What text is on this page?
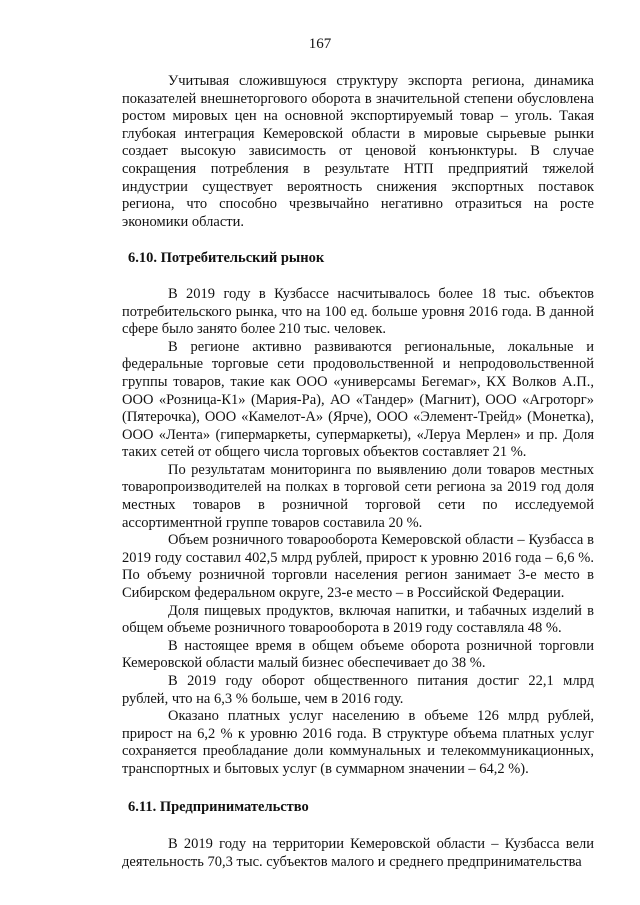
167

Учитывая сложившуюся структуру экспорта региона, динамика показателей внешнеторгового оборота в значительной степени обусловлена ростом мировых цен на основной экспортируемый товар – уголь. Такая глубокая интеграция Кемеровской области в мировые сырьевые рынки создает высокую зависимость от ценовой конъюнктуры. В случае сокращения потребления в результате НТП предприятий тяжелой индустрии существует вероятность снижения экспортных поставок региона, что способно чрезвычайно негативно отразиться на росте экономики области.

6.10. Потребительский рынок

В 2019 году в Кузбассе насчитывалось более 18 тыс. объектов потребительского рынка, что на 100 ед. больше уровня 2016 года. В данной сфере было занято более 210 тыс. человек.

В регионе активно развиваются региональные, локальные и федеральные торговые сети продовольственной и непродовольственной группы товаров, такие как ООО «универсамы Бегемаг», КХ Волков А.П., ООО «Розница-К1» (Мария-Ра), АО «Тандер» (Магнит), ООО «Агроторг» (Пятерочка), ООО «Камелот-А» (Ярче), ООО «Элемент-Трейд» (Монетка), ООО «Лента» (гипермаркеты, супермаркеты), «Леруа Мерлен» и пр. Доля таких сетей от общего числа торговых объектов составляет 21 %.

По результатам мониторинга по выявлению доли товаров местных товаропроизводителей на полках в торговой сети региона за 2019 год доля местных товаров в розничной торговой сети по исследуемой ассортиментной группе товаров составила 20 %.

Объем розничного товарооборота Кемеровской области – Кузбасса в 2019 году составил 402,5 млрд рублей, прирост к уровню 2016 года – 6,6 %. По объему розничной торговли населения регион занимает 3-е место в Сибирском федеральном округе, 23-е место – в Российской Федерации.

Доля пищевых продуктов, включая напитки, и табачных изделий в общем объеме розничного товарооборота в 2019 году составляла 48 %.

В настоящее время в общем объеме оборота розничной торговли Кемеровской области малый бизнес обеспечивает до 38 %.

В 2019 году оборот общественного питания достиг 22,1 млрд рублей, что на 6,3 % больше, чем в 2016 году.

Оказано платных услуг населению в объеме 126 млрд рублей, прирост на 6,2 % к уровню 2016 года. В структуре объема платных услуг сохраняется преобладание доли коммунальных и телекоммуникационных, транспортных и бытовых услуг (в суммарном значении – 64,2 %).

6.11. Предпринимательство

В 2019 году на территории Кемеровской области – Кузбасса вели деятельность 70,3 тыс. субъектов малого и среднего предпринимательства
